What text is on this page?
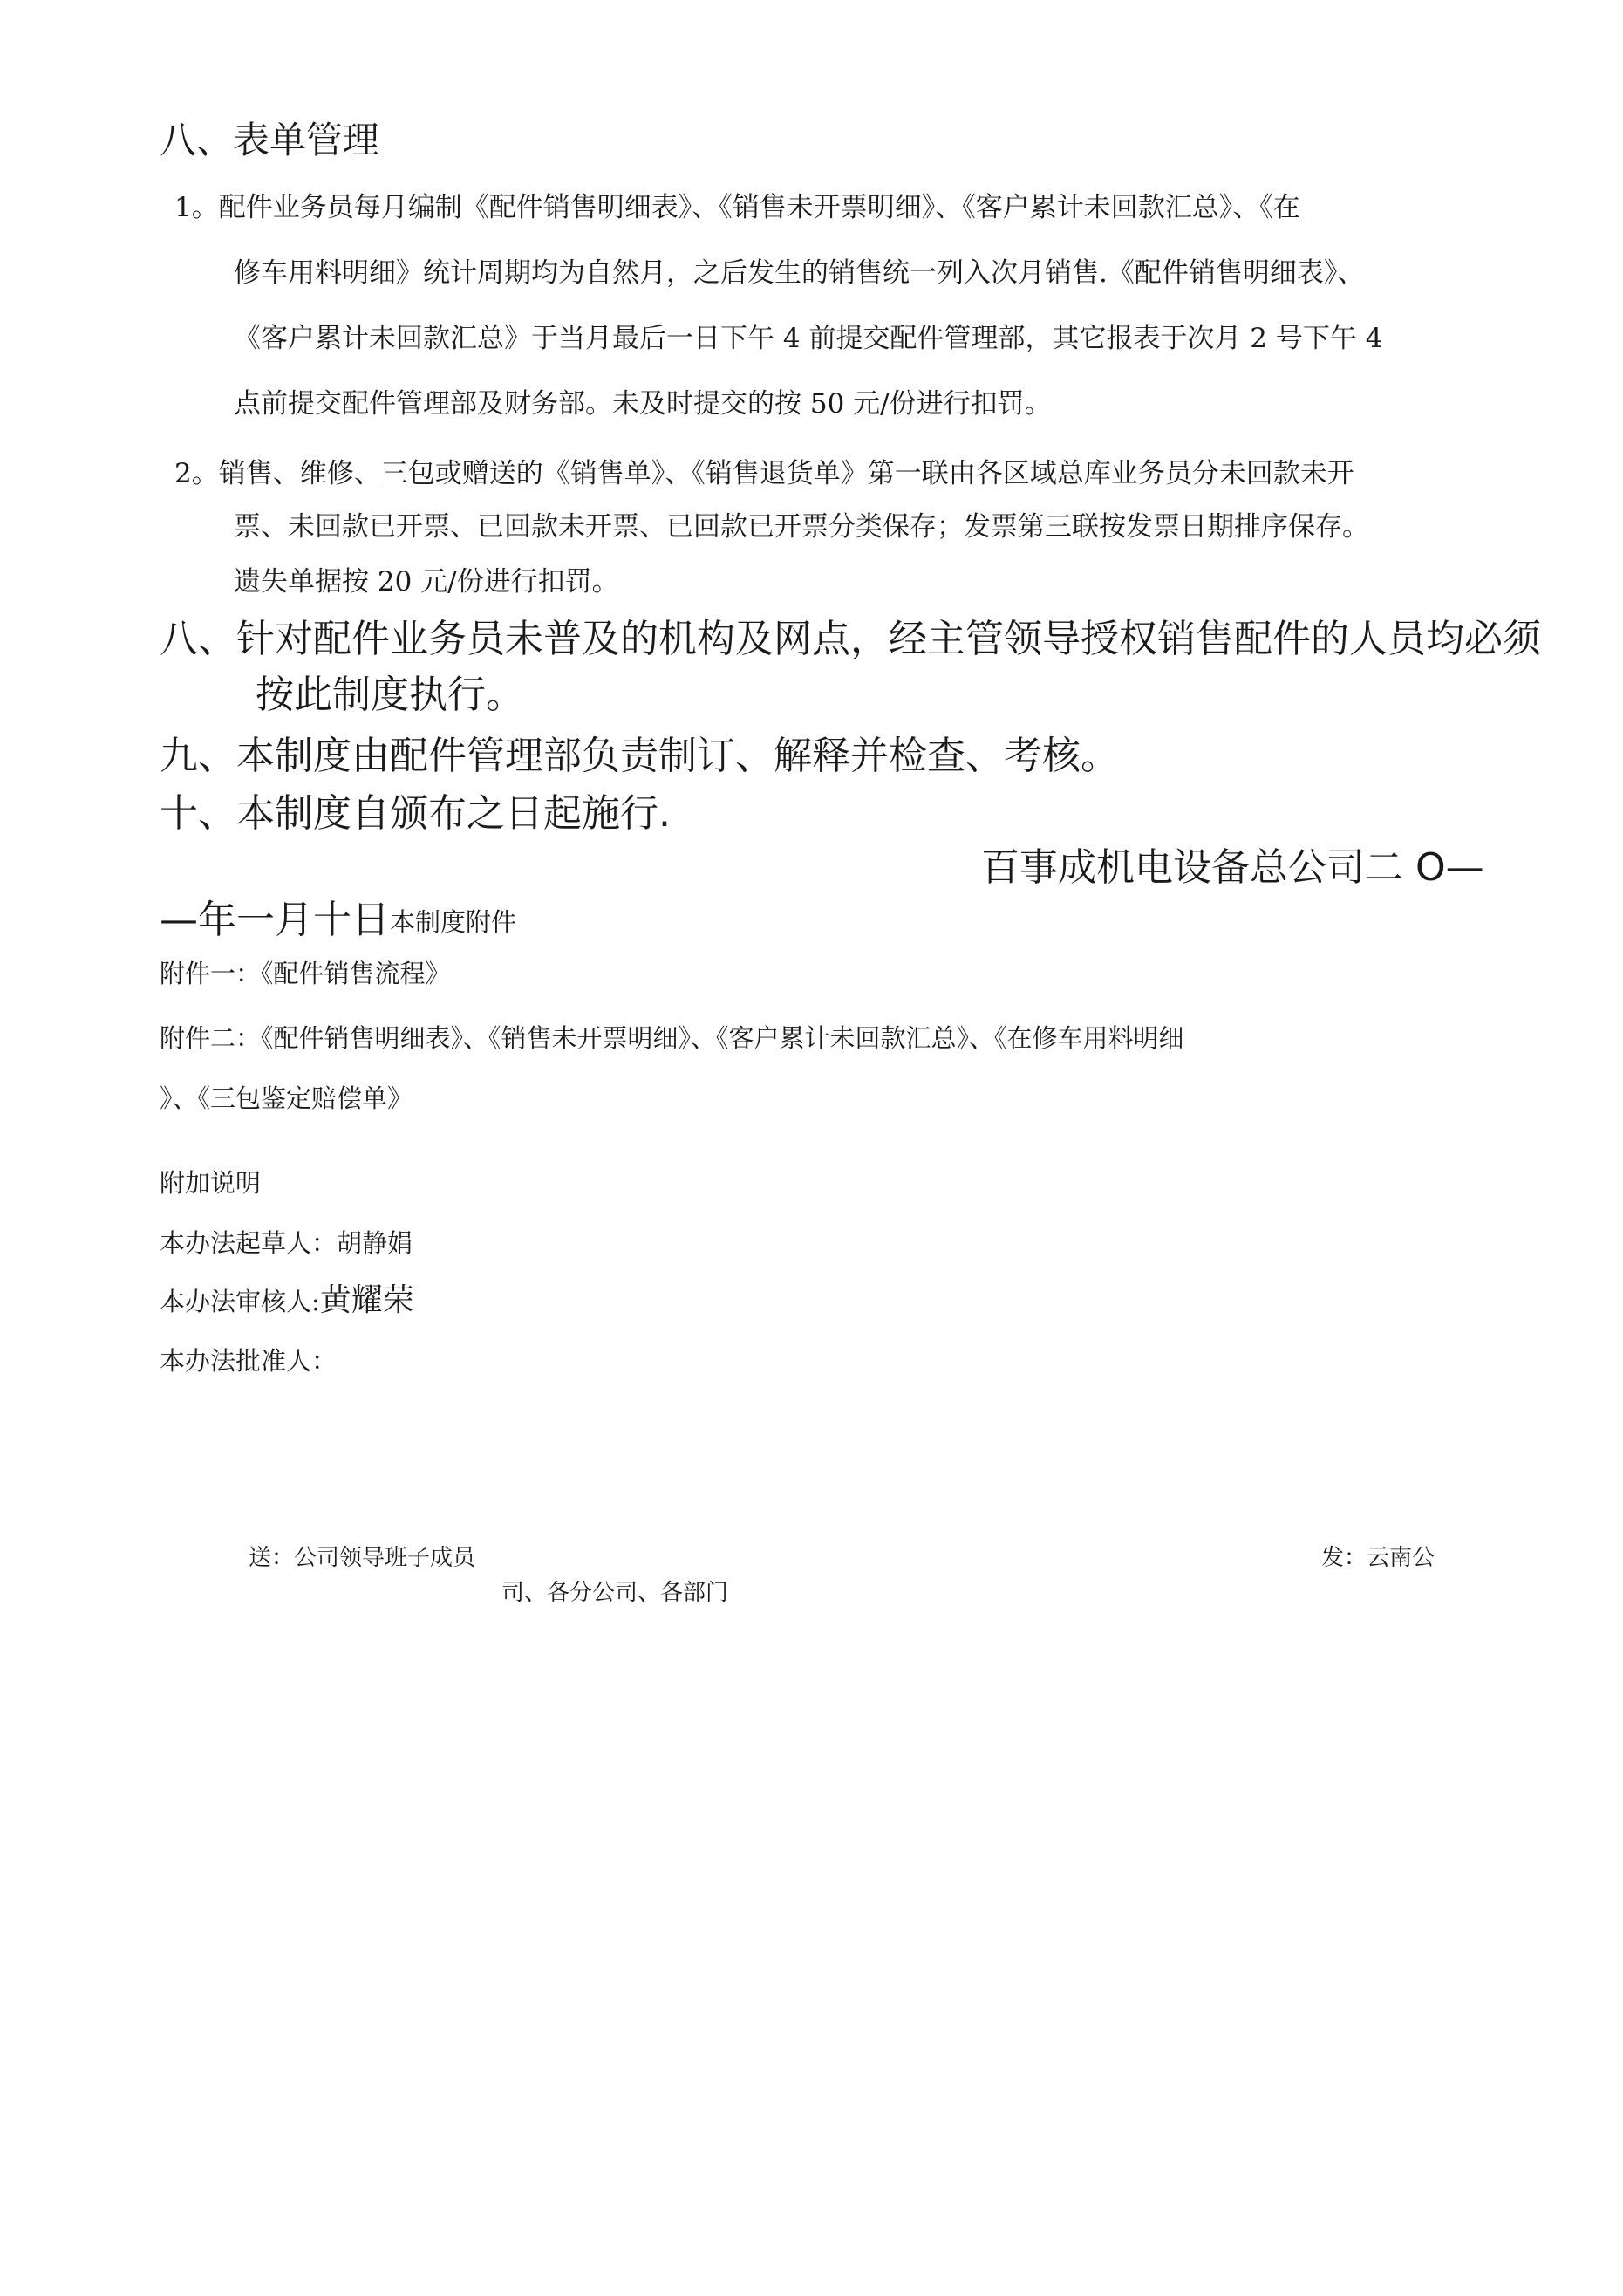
八、表单管理
1。配件业务员每月编制《配件销售明细表》、《销售未开票明细》、《客户累计未回款汇总》、《在
修车用料明细》统计周期均为自然月，之后发生的销售统一列入次月销售.《配件销售明细表》、
《客户累计未回款汇总》于当月最后一日下午 4 前提交配件管理部，其它报表于次月 2 号下午 4
点前提交配件管理部及财务部。未及时提交的按 50 元/份进行扣罚。
2。销售、维修、三包或赠送的《销售单》、《销售退货单》第一联由各区域总库业务员分未回款未开
票、未回款已开票、已回款未开票、已回款已开票分类保存；发票第三联按发票日期排序保存。
遗失单据按 20 元/份进行扣罚。
八、针对配件业务员未普及的机构及网点，经主管领导授权销售配件的人员均必须
按此制度执行。
九、本制度由配件管理部负责制订、解释并检查、考核。
十、本制度自颁布之日起施行.
百事成机电设备总公司二 O—
—年一月十日本制度附件
附件一：《配件销售流程》
附件二：《配件销售明细表》、《销售未开票明细》、《客户累计未回款汇总》、《在修车用料明细
》、《三包鉴定赔偿单》
附加说明
本办法起草人：胡静娟
本办法审核人:黄耀荣
本办法批准人：
送：公司领导班子成员	发：云南公
司、各分公司、各部门
